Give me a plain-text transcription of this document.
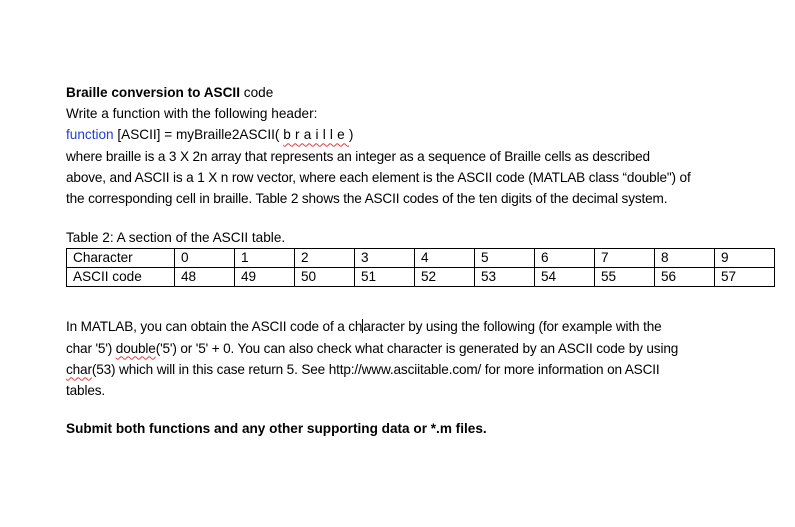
Braille conversion to ASCII code
Write a function with the following header:
function [ASCII] = myBraille2ASCII( braille)
where braille is a 3 X 2n array that represents an integer as a sequence of Braille cells as described
above, and ASCII is a 1 X n row vector, where each element is the ASCII code (MATLAB class “double") of
the corresponding cell in braille. Table 2 shows the ASCII codes of the ten digits of the decimal system.
Table 2: A section of the ASCII table.
Character	0	1	2	3	4	5	6	7	8	9
ASCII code	48	49	50	51	52	53	54	55	56	57
In MATLAB, you can obtain the ASCII code of a character by using the following (for example with the
char '5') double('5') or '5' + 0. You can also check what character is generated by an ASCII code by using
char(53) which will in this case return 5. See http://www.asciitable.com/ for more information on ASCII
tables.
Submit both functions and any other supporting data or *.m files.
